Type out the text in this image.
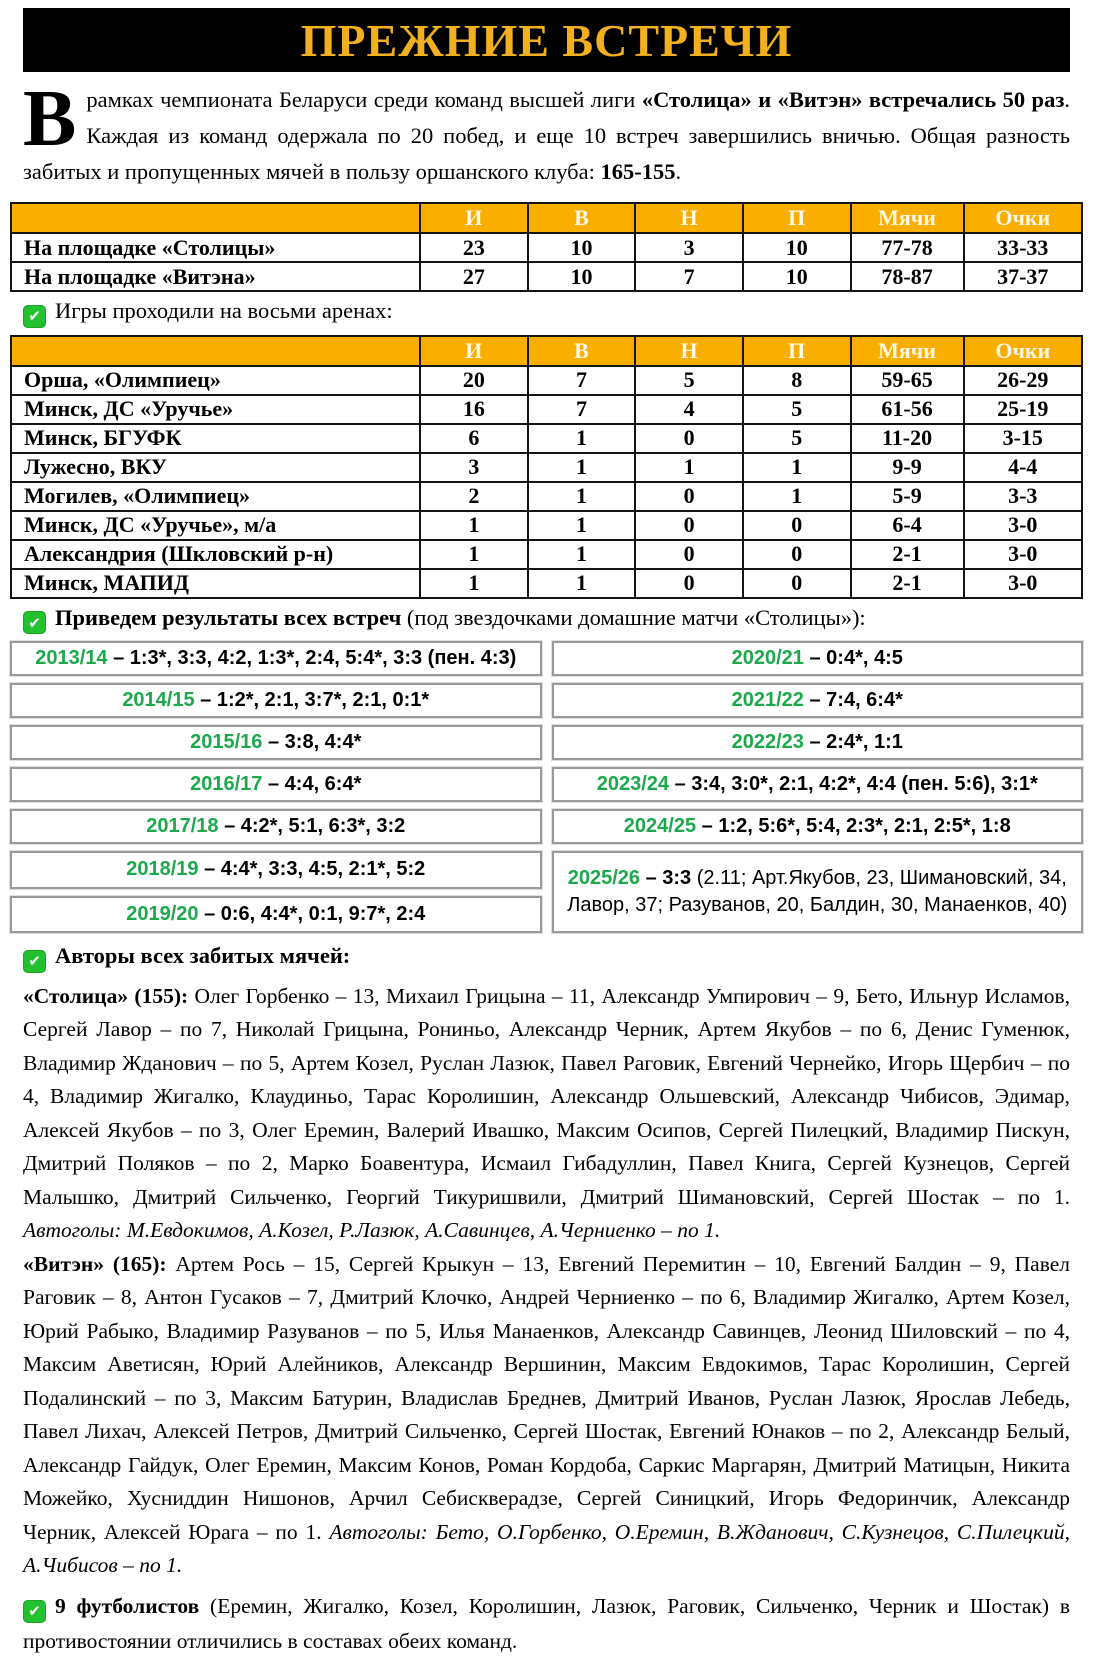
ПРЕЖНИЕ ВСТРЕЧИ

Врамках чемпионата Беларуси среди команд высшей лиги «Столица» и «Витэн» встречались 50 раз. Каждая из команд одержала по 20 побед, и еще 10 встреч завершились вничью. Общая разность забитых и пропущенных мячей в пользу оршанского клуба: 165-155.

	И	В	Н	П	Мячи	Очки
На площадке «Столицы»	23	10	3	10	77-78	33-33
На площадке «Витэна»	27	10	7	10	78-87	37-37
✔ Игры проходили на восьми аренах:
	И	В	Н	П	Мячи	Очки
Орша, «Олимпиец»	20	7	5	8	59-65	26-29
Минск, ДС «Уручье»	16	7	4	5	61-56	25-19
Минск, БГУФК	6	1	0	5	11-20	3-15
Лужесно, ВКУ	3	1	1	1	9-9	4-4
Могилев, «Олимпиец»	2	1	0	1	5-9	3-3
Минск, ДС «Уручье», м/а	1	1	0	0	6-4	3-0
Александрия (Шкловский р-н)	1	1	0	0	2-1	3-0
Минск, МАПИД	1	1	0	0	2-1	3-0
✔ Приведем результаты всех встреч (под звездочками домашние матчи «Столицы»):
2013/14 – 1:3*, 3:3, 4:2, 1:3*, 2:4, 5:4*, 3:3 (пен. 4:3)
2014/15 – 1:2*, 2:1, 3:7*, 2:1, 0:1*
2015/16 – 3:8, 4:4*
2016/17 – 4:4, 6:4*
2017/18 – 4:2*, 5:1, 6:3*, 3:2
2018/19 – 4:4*, 3:3, 4:5, 2:1*, 5:2
2019/20 – 0:6, 4:4*, 0:1, 9:7*, 2:4
2020/21 – 0:4*, 4:5
2021/22 – 7:4, 6:4*
2022/23 – 2:4*, 1:1
2023/24 – 3:4, 3:0*, 2:1, 4:2*, 4:4 (пен. 5:6), 3:1*
2024/25 – 1:2, 5:6*, 5:4, 2:3*, 2:1, 2:5*, 1:8
2025/26 – 3:3 (2.11; Арт.Якубов, 23, Шимановский, 34, Лавор, 37; Разуванов, 20, Балдин, 30, Манаенков, 40)
✔ Авторы всех забитых мячей:

«Столица» (155): Олег Горбенко – 13, Михаил Грицына – 11, Александр Умпирович – 9, Бето, Ильнур Исламов, Сергей Лавор – по 7, Николай Грицына, Рониньо, Александр Черник, Артем Якубов – по 6, Денис Гуменюк, Владимир Жданович – по 5, Артем Козел, Руслан Лазюк, Павел Раговик, Евгений Чернейко, Игорь Щербич – по 4, Владимир Жигалко, Клаудиньо, Тарас Королишин, Александр Ольшевский, Александр Чибисов, Эдимар, Алексей Якубов – по 3, Олег Еремин, Валерий Ивашко, Максим Осипов, Сергей Пилецкий, Владимир Пискун, Дмитрий Поляков – по 2, Марко Боавентура, Исмаил Гибадуллин, Павел Книга, Сергей Кузнецов, Сергей Малышко, Дмитрий Сильченко, Георгий Тикуришвили, Дмитрий Шимановский, Сергей Шостак – по 1. Автоголы: М.Евдокимов, А.Козел, Р.Лазюк, А.Савинцев, А.Черниенко – по 1.

«Витэн» (165): Артем Рось – 15, Сергей Крыкун – 13, Евгений Перемитин – 10, Евгений Балдин – 9, Павел Раговик – 8, Антон Гусаков – 7, Дмитрий Клочко, Андрей Черниенко – по 6, Владимир Жигалко, Артем Козел, Юрий Рабыко, Владимир Разуванов – по 5, Илья Манаенков, Александр Савинцев, Леонид Шиловский – по 4, Максим Аветисян, Юрий Алейников, Александр Вершинин, Максим Евдокимов, Тарас Королишин, Сергей Подалинский – по 3, Максим Батурин, Владислав Бреднев, Дмитрий Иванов, Руслан Лазюк, Ярослав Лебедь, Павел Лихач, Алексей Петров, Дмитрий Сильченко, Сергей Шостак, Евгений Юнаков – по 2, Александр Белый, Александр Гайдук, Олег Еремин, Максим Конов, Роман Кордоба, Саркис Маргарян, Дмитрий Матицын, Никита Можейко, Хусниддин Нишонов, Арчил Себискверадзе, Сергей Синицкий, Игорь Федоринчик, Александр Черник, Алексей Юрага – по 1. Автоголы: Бето, О.Горбенко, О.Еремин, В.Жданович, С.Кузнецов, С.Пилецкий, А.Чибисов – по 1.

✔ 9 футболистов (Еремин, Жигалко, Козел, Королишин, Лазюк, Раговик, Сильченко, Черник и Шостак) в противостоянии отличились в составах обеих команд.
